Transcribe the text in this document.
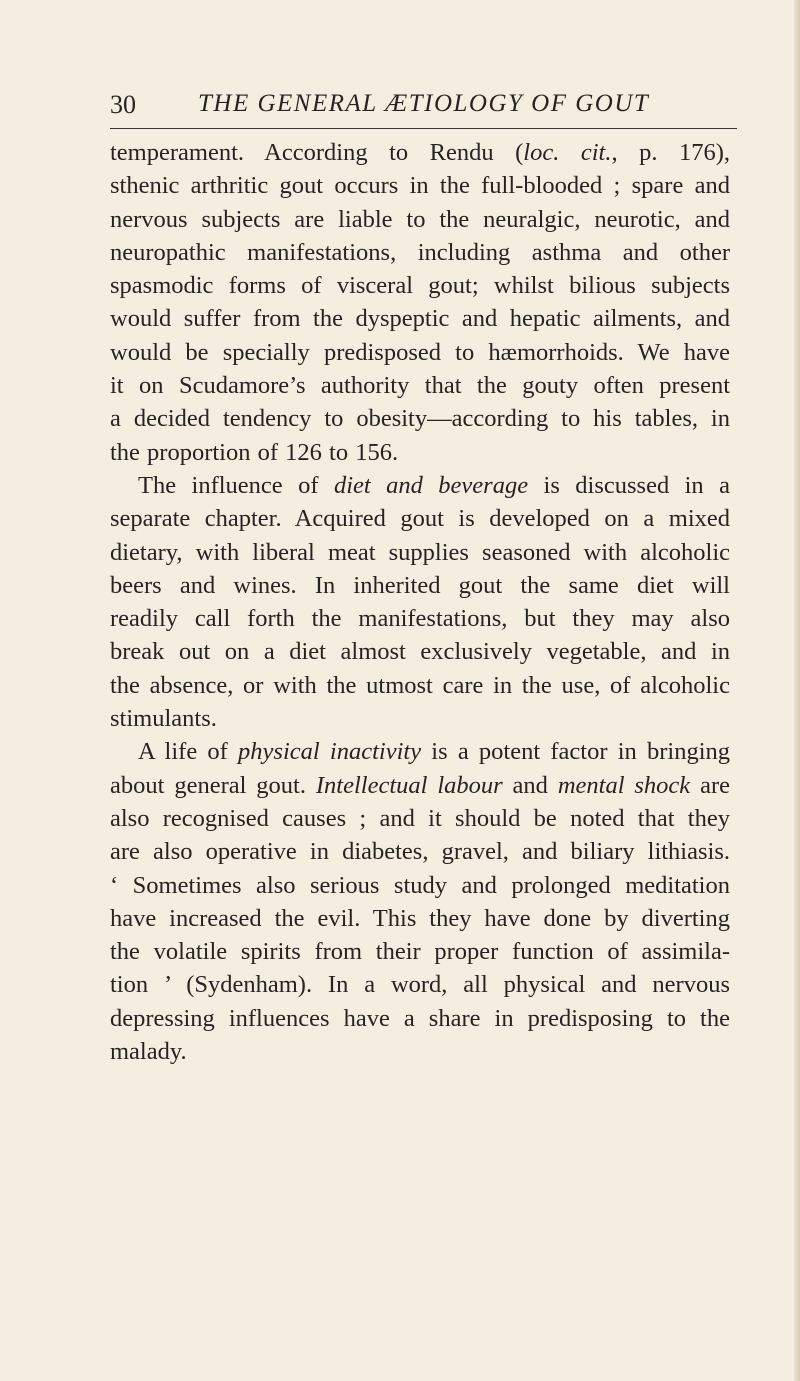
30 THE GENERAL ÆTIOLOGY OF GOUT
temperament. According to Rendu (loc. cit., p. 176),
sthenic arthritic gout occurs in the full-blooded ; spare and
nervous subjects are liable to the neuralgic, neurotic, and
neuropathic manifestations, including asthma and other
spasmodic forms of visceral gout; whilst bilious subjects
would suffer from the dyspeptic and hepatic ailments, and
would be specially predisposed to hæmorrhoids. We have
it on Scudamore’s authority that the gouty often present
a decided tendency to obesity—according to his tables, in
the proportion of 126 to 156.
The influence of diet and beverage is discussed in a
separate chapter. Acquired gout is developed on a mixed
dietary, with liberal meat supplies seasoned with alcoholic
beers and wines. In inherited gout the same diet will
readily call forth the manifestations, but they may also
break out on a diet almost exclusively vegetable, and in
the absence, or with the utmost care in the use, of alcoholic
stimulants.
A life of physical inactivity is a potent factor in bringing
about general gout. Intellectual labour and mental shock are
also recognised causes ; and it should be noted that they
are also operative in diabetes, gravel, and biliary lithiasis.
‘ Sometimes also serious study and prolonged meditation
have increased the evil. This they have done by diverting
the volatile spirits from their proper function of assimila-
tion ’ (Sydenham). In a word, all physical and nervous
depressing influences have a share in predisposing to the
malady.
